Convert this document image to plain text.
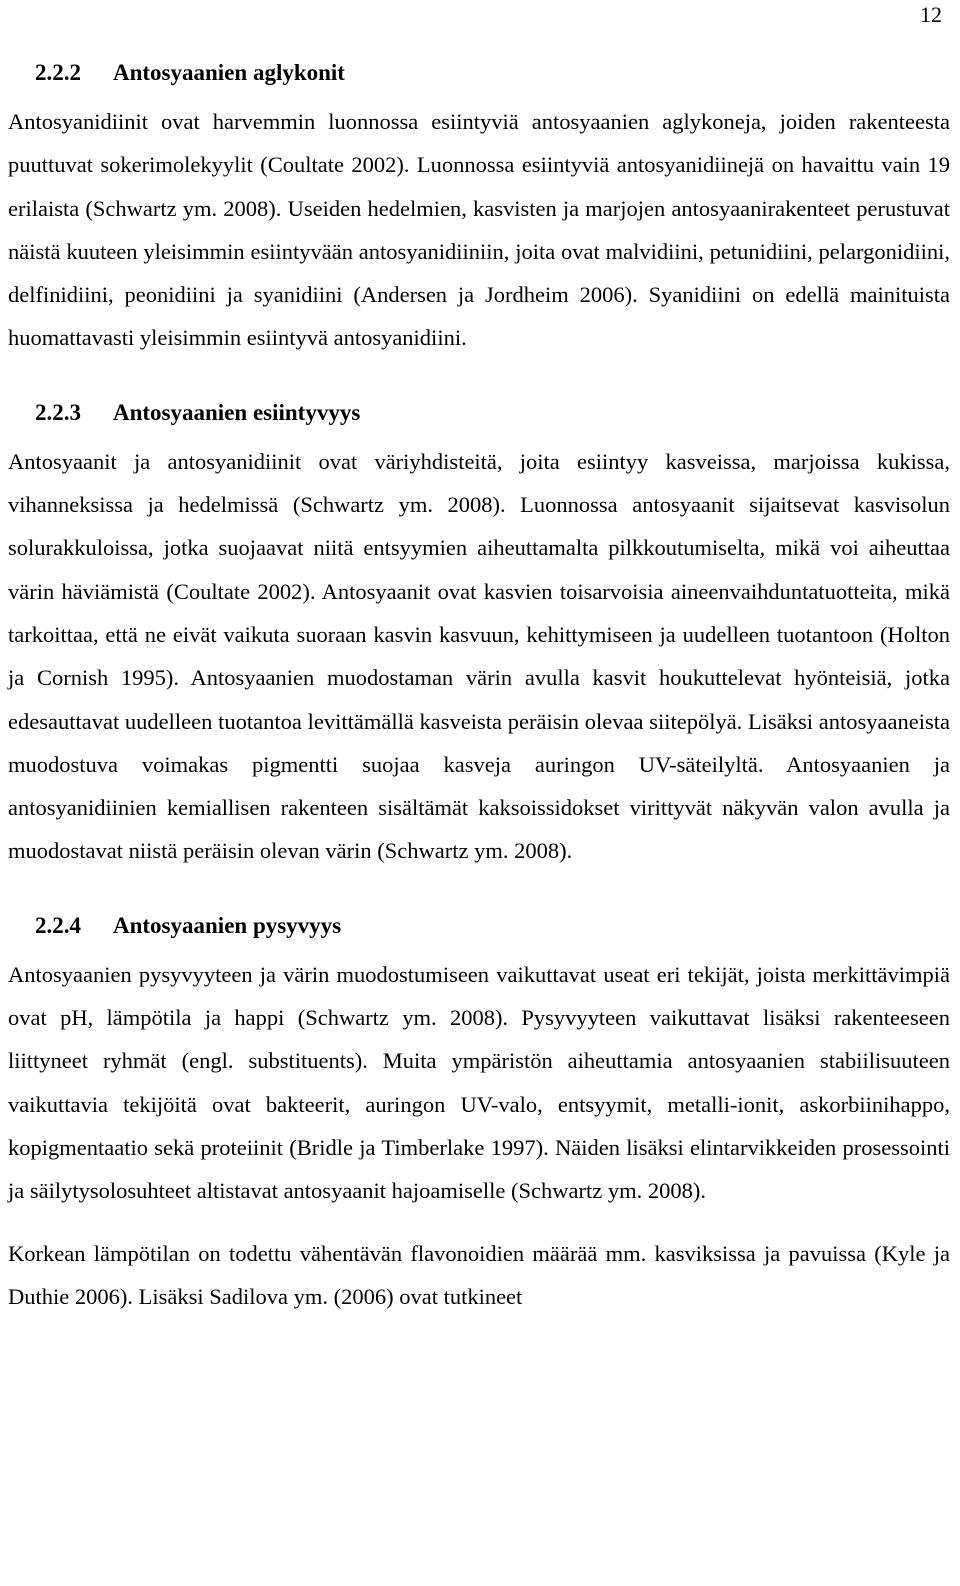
12
2.2.2 Antosyaanien aglykonit

Antosyanidiinit ovat harvemmin luonnossa esiintyviä antosyaanien aglykoneja, joiden rakenteesta puuttuvat sokerimolekyylit (Coultate 2002). Luonnossa esiintyviä antosyanidiinejä on havaittu vain 19 erilaista (Schwartz ym. 2008). Useiden hedelmien, kasvisten ja marjojen antosyaanirakenteet perustuvat näistä kuuteen yleisimmin esiintyvään antosyanidiiniin, joita ovat malvidiini, petunidiini, pelargonidiini, delfinidiini, peonidiini ja syanidiini (Andersen ja Jordheim 2006). Syanidiini on edellä mainituista huomattavasti yleisimmin esiintyvä antosyanidiini.

2.2.3 Antosyaanien esiintyvyys

Antosyaanit ja antosyanidiinit ovat väriyhdisteitä, joita esiintyy kasveissa, marjoissa kukissa, vihanneksissa ja hedelmissä (Schwartz ym. 2008). Luonnossa antosyaanit sijaitsevat kasvisolun solurakkuloissa, jotka suojaavat niitä entsyymien aiheuttamalta pilkkoutumiselta, mikä voi aiheuttaa värin häviämistä (Coultate 2002). Antosyaanit ovat kasvien toisarvoisia aineenvaihduntatuotteita, mikä tarkoittaa, että ne eivät vaikuta suoraan kasvin kasvuun, kehittymiseen ja uudelleen tuotantoon (Holton ja Cornish 1995). Antosyaanien muodostaman värin avulla kasvit houkuttelevat hyönteisiä, jotka edesauttavat uudelleen tuotantoa levittämällä kasveista peräisin olevaa siitepölyä. Lisäksi antosyaaneista muodostuva voimakas pigmentti suojaa kasveja auringon UV-säteilyltä. Antosyaanien ja antosyanidiinien kemiallisen rakenteen sisältämät kaksoissidokset virittyvät näkyvän valon avulla ja muodostavat niistä peräisin olevan värin (Schwartz ym. 2008).

2.2.4 Antosyaanien pysyvyys

Antosyaanien pysyvyyteen ja värin muodostumiseen vaikuttavat useat eri tekijät, joista merkittävimpiä ovat pH, lämpötila ja happi (Schwartz ym. 2008). Pysyvyyteen vaikuttavat lisäksi rakenteeseen liittyneet ryhmät (engl. substituents). Muita ympäristön aiheuttamia antosyaanien stabiilisuuteen vaikuttavia tekijöitä ovat bakteerit, auringon UV-valo, entsyymit, metalli-ionit, askorbiinihappo, kopigmentaatio sekä proteiinit (Bridle ja Timberlake 1997). Näiden lisäksi elintarvikkeiden prosessointi ja säilytysolosuhteet altistavat antosyaanit hajoamiselle (Schwartz ym. 2008).

Korkean lämpötilan on todettu vähentävän flavonoidien määrää mm. kasviksissa ja pavuissa (Kyle ja Duthie 2006). Lisäksi Sadilova ym. (2006) ovat tutkineet
